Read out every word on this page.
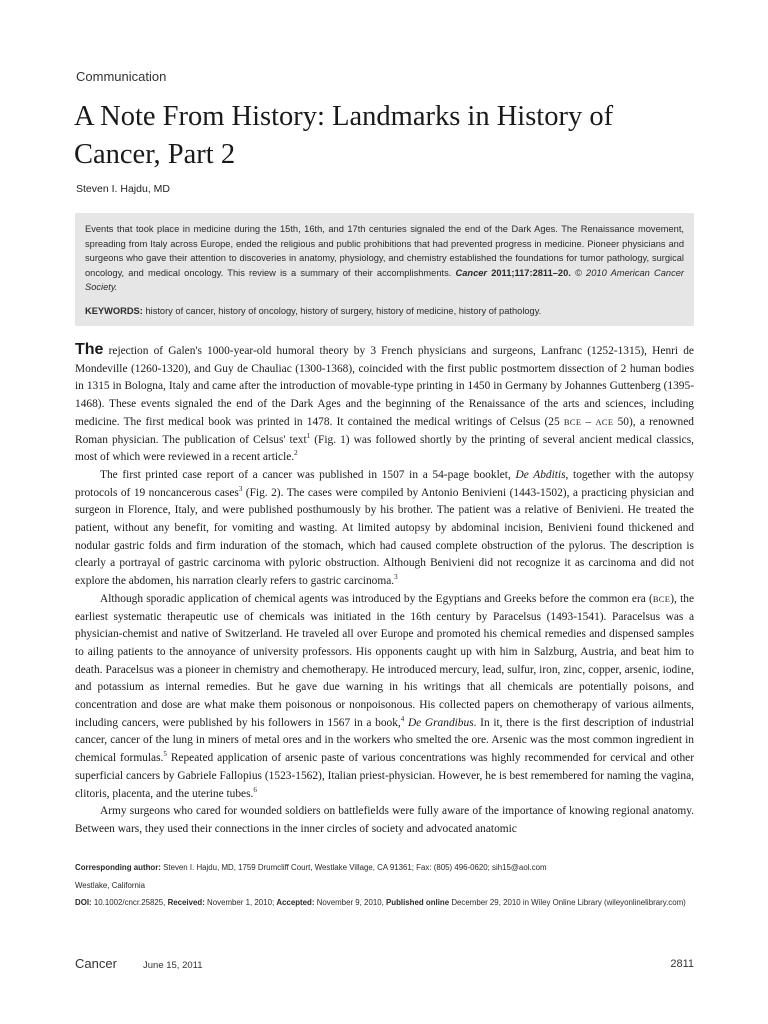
Communication
A Note From History: Landmarks in History of Cancer, Part 2
Steven I. Hajdu, MD

Events that took place in medicine during the 15th, 16th, and 17th centuries signaled the end of the Dark Ages. The Renaissance movement, spreading from Italy across Europe, ended the religious and public prohibitions that had prevented progress in medicine. Pioneer physicians and surgeons who gave their attention to discoveries in anatomy, physiology, and chemistry established the foundations for tumor pathology, surgical oncology, and medical oncology. This review is a summary of their accomplishments. Cancer 2011;117:2811–20. © 2010 American Cancer Society.

KEYWORDS: history of cancer, history of oncology, history of surgery, history of medicine, history of pathology.

The rejection of Galen's 1000-year-old humoral theory by 3 French physicians and surgeons, Lanfranc (1252-1315), Henri de Mondeville (1260-1320), and Guy de Chauliac (1300-1368), coincided with the first public postmortem dissection of 2 human bodies in 1315 in Bologna, Italy and came after the introduction of movable-type printing in 1450 in Germany by Johannes Guttenberg (1395-1468). These events signaled the end of the Dark Ages and the beginning of the Renaissance of the arts and sciences, including medicine. The first medical book was printed in 1478. It contained the medical writings of Celsus (25 BCE – ACE 50), a renowned Roman physician. The publication of Celsus' text$^1$ (Fig. 1) was followed shortly by the printing of several ancient medical classics, most of which were reviewed in a recent article.$^2$

The first printed case report of a cancer was published in 1507 in a 54-page booklet, De Abditis, together with the autopsy protocols of 19 noncancerous cases$^3$ (Fig. 2). The cases were compiled by Antonio Benivieni (1443-1502), a practicing physician and surgeon in Florence, Italy, and were published posthumously by his brother. The patient was a relative of Benivieni. He treated the patient, without any benefit, for vomiting and wasting. At limited autopsy by abdominal incision, Benivieni found thickened and nodular gastric folds and firm induration of the stomach, which had caused complete obstruction of the pylorus. The description is clearly a portrayal of gastric carcinoma with pyloric obstruction. Although Benivieni did not recognize it as carcinoma and did not explore the abdomen, his narration clearly refers to gastric carcinoma.$^3$

Although sporadic application of chemical agents was introduced by the Egyptians and Greeks before the common era (BCE), the earliest systematic therapeutic use of chemicals was initiated in the 16th century by Paracelsus (1493-1541). Paracelsus was a physician-chemist and native of Switzerland. He traveled all over Europe and promoted his chemical remedies and dispensed samples to ailing patients to the annoyance of university professors. His opponents caught up with him in Salzburg, Austria, and beat him to death. Paracelsus was a pioneer in chemistry and chemotherapy. He introduced mercury, lead, sulfur, iron, zinc, copper, arsenic, iodine, and potassium as internal remedies. But he gave due warning in his writings that all chemicals are potentially poisons, and concentration and dose are what make them poisonous or nonpoisonous. His collected papers on chemotherapy of various ailments, including cancers, were published by his followers in 1567 in a book,$^4$ De Grandibus. In it, there is the first description of industrial cancer, cancer of the lung in miners of metal ores and in the workers who smelted the ore. Arsenic was the most common ingredient in chemical formulas.$^5$ Repeated application of arsenic paste of various concentrations was highly recommended for cervical and other superficial cancers by Gabriele Fallopius (1523-1562), Italian priest-physician. However, he is best remembered for naming the vagina, clitoris, placenta, and the uterine tubes.$^6$

Army surgeons who cared for wounded soldiers on battlefields were fully aware of the importance of knowing regional anatomy. Between wars, they used their connections in the inner circles of society and advocated anatomic

Corresponding author: Steven I. Hajdu, MD, 1759 Drumcliff Court, Westlake Village, CA 91361; Fax: (805) 496-0620; sih15@aol.com

Westlake, California

DOI: 10.1002/cncr.25825, Received: November 1, 2010; Accepted: November 9, 2010, Published online December 29, 2010 in Wiley Online Library (wileyonlinelibrary.com)

Cancer	June 15, 2011	2811
